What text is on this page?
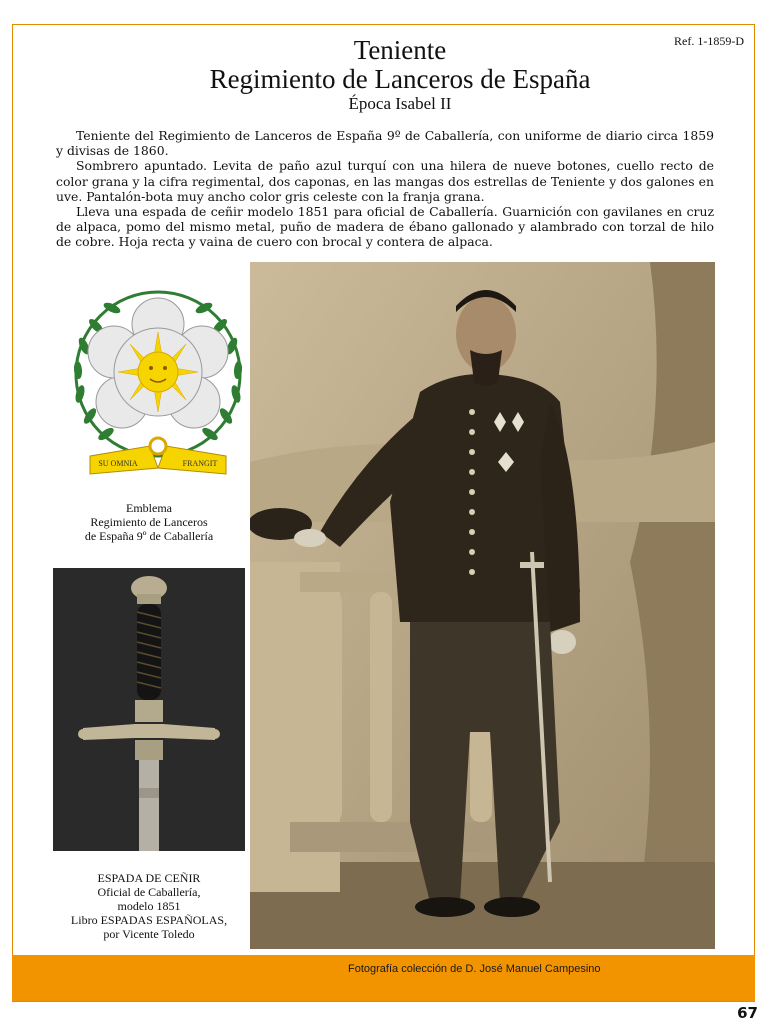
Ref. 1-1859-D
Teniente
Regimiento de Lanceros de España
Época Isabel II

Teniente del Regimiento de Lanceros de España 9º de Caballería, con uniforme de diario circa 1859 y divisas de 1860.

Sombrero apuntado. Levita de paño azul turquí con una hilera de nueve botones, cuello recto de color grana y la cifra regimental, dos caponas, en las mangas dos estrellas de Teniente y dos galones en uve. Pantalón-bota muy ancho color gris celeste con la franja grana.

Lleva una espada de ceñir modelo 1851 para oficial de Caballería. Guarnición con gavilanes en cruz de alpaca, pomo del mismo metal, puño de madera de ébano gallonado y alambrado con torzal de hilo de cobre. Hoja recta y vaina de cuero con brocal y contera de alpaca.

SU OMNIA	FRANGIT
Emblema
Regimiento de Lanceros
de España 9º de Caballería
ESPADA DE CEÑIR
Oficial de Caballería,
modelo 1851
Libro ESPADAS ESPAÑOLAS,
por Vicente Toledo
Fotografía colección de D. José Manuel Campesino
67
